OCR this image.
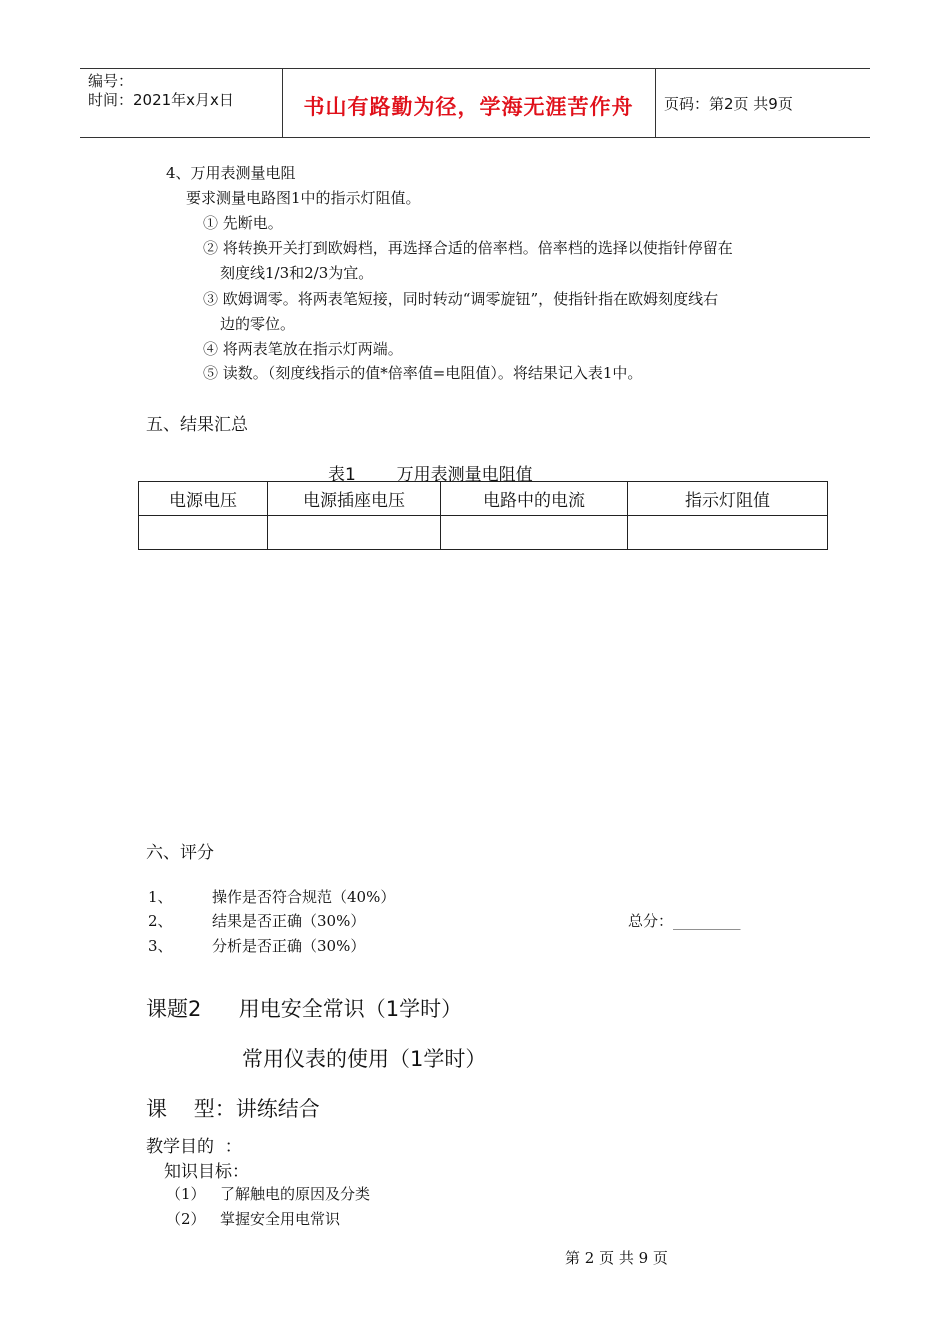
编号：
时间：2021年x月x日	书山有路勤为径，学海无涯苦作舟	页码：第2页 共9页
4、万用表测量电阻
要求测量电路图1中的指示灯阻值。
① 先断电。
② 将转换开关打到欧姆档，再选择合适的倍率档。倍率档的选择以使指针停留在
刻度线1/3和2/3为宜。
③ 欧姆调零。将两表笔短接，同时转动“调零旋钮”，使指针指在欧姆刻度线右
边的零位。
④ 将两表笔放在指示灯两端。
⑤ 读数。（刻度线指示的值*倍率值=电阻值）。将结果记入表1中。
五、结果汇总
表1 万用表测量电阻值
电源电压	电源插座电压	电路中的电流	指示灯阻值

六、评分
1、	操作是否符合规范（40%）
2、	结果是否正确（30%）
3、	分析是否正确（30%）
总分：_________
课题2 用电安全常识（1学时）
常用仪表的使用（1学时）
课    型：讲练结合
教学目的  ：
知识目标：
（1） 了解触电的原因及分类
（2） 掌握安全用电常识
第 2 页 共 9 页
